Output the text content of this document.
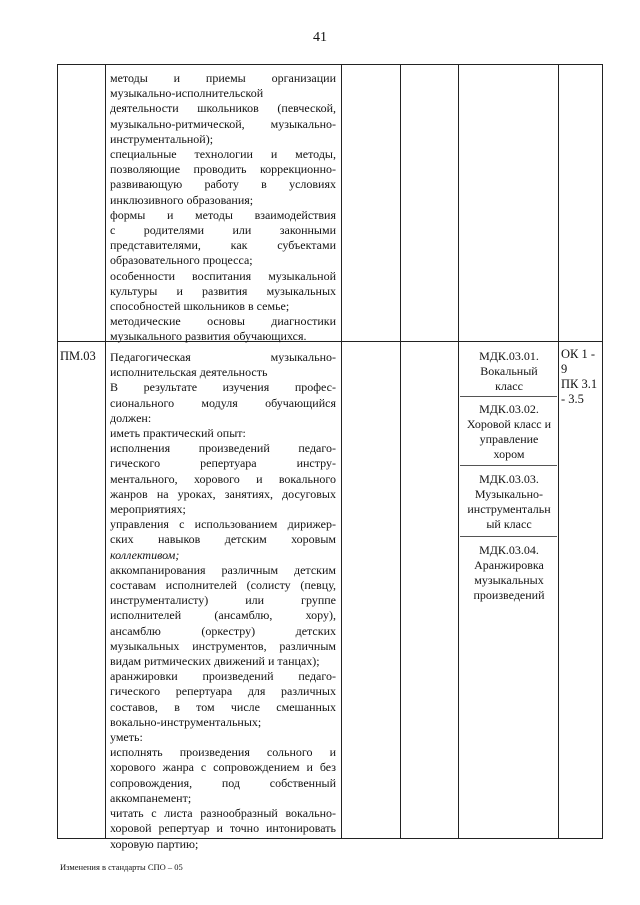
41

методы и приемы организации

музыкально-исполнительской

деятельности школьников (певческой,

музыкально-ритмической, музыкально-

инструментальной);

специальные технологии и методы,

позволяющие проводить коррекционно-

развивающую работу в условиях

инклюзивного образования;

формы и методы взаимодействия

с родителями или законными

представителями, как субъектами

образовательного процесса;

особенности воспитания музыкальной

культуры и развития музыкальных

способностей школьников в семье;

методические основы диагностики

музыкального развития обучающихся.

ПМ.03 Педагогическая музыкально-

исполнительская деятельность

В результате изучения профес-

сионального модуля обучающийся

должен:

иметь практический опыт:

исполнения произведений педаго-

гического репертуара инстру-

ментального, хорового и вокального

жанров на уроках, занятиях, досуговых

мероприятиях;

управления с использованием дирижер-

ских навыков детским хоровым

коллективом;

аккомпанирования различным детским

составам исполнителей (солисту (певцу,

инструменталисту) или группе

исполнителей (ансамблю, хору),

ансамблю (оркестру) детских

музыкальных инструментов, различным

видам ритмических движений и танцах);

аранжировки произведений педаго-

гического репертуара для различных

составов, в том числе смешанных

вокально-инструментальных;

уметь:

исполнять произведения сольного и

хорового жанра с сопровождением и без

сопровождения, под собственный

аккомпанемент;

читать с листа разнообразный вокально-

хоровой репертуар и точно интонировать

хоровую партию;

МДК.03.01.
Вокальный
класс
МДК.03.02.
Хоровой класс и
управление
хором
МДК.03.03.
Музыкально-
инструментальн
ый класс
МДК.03.04.
Аранжировка
музыкальных
произведений
ОК 1 -
9
ПК 3.1
- 3.5
Изменения в стандарты СПО – 05
